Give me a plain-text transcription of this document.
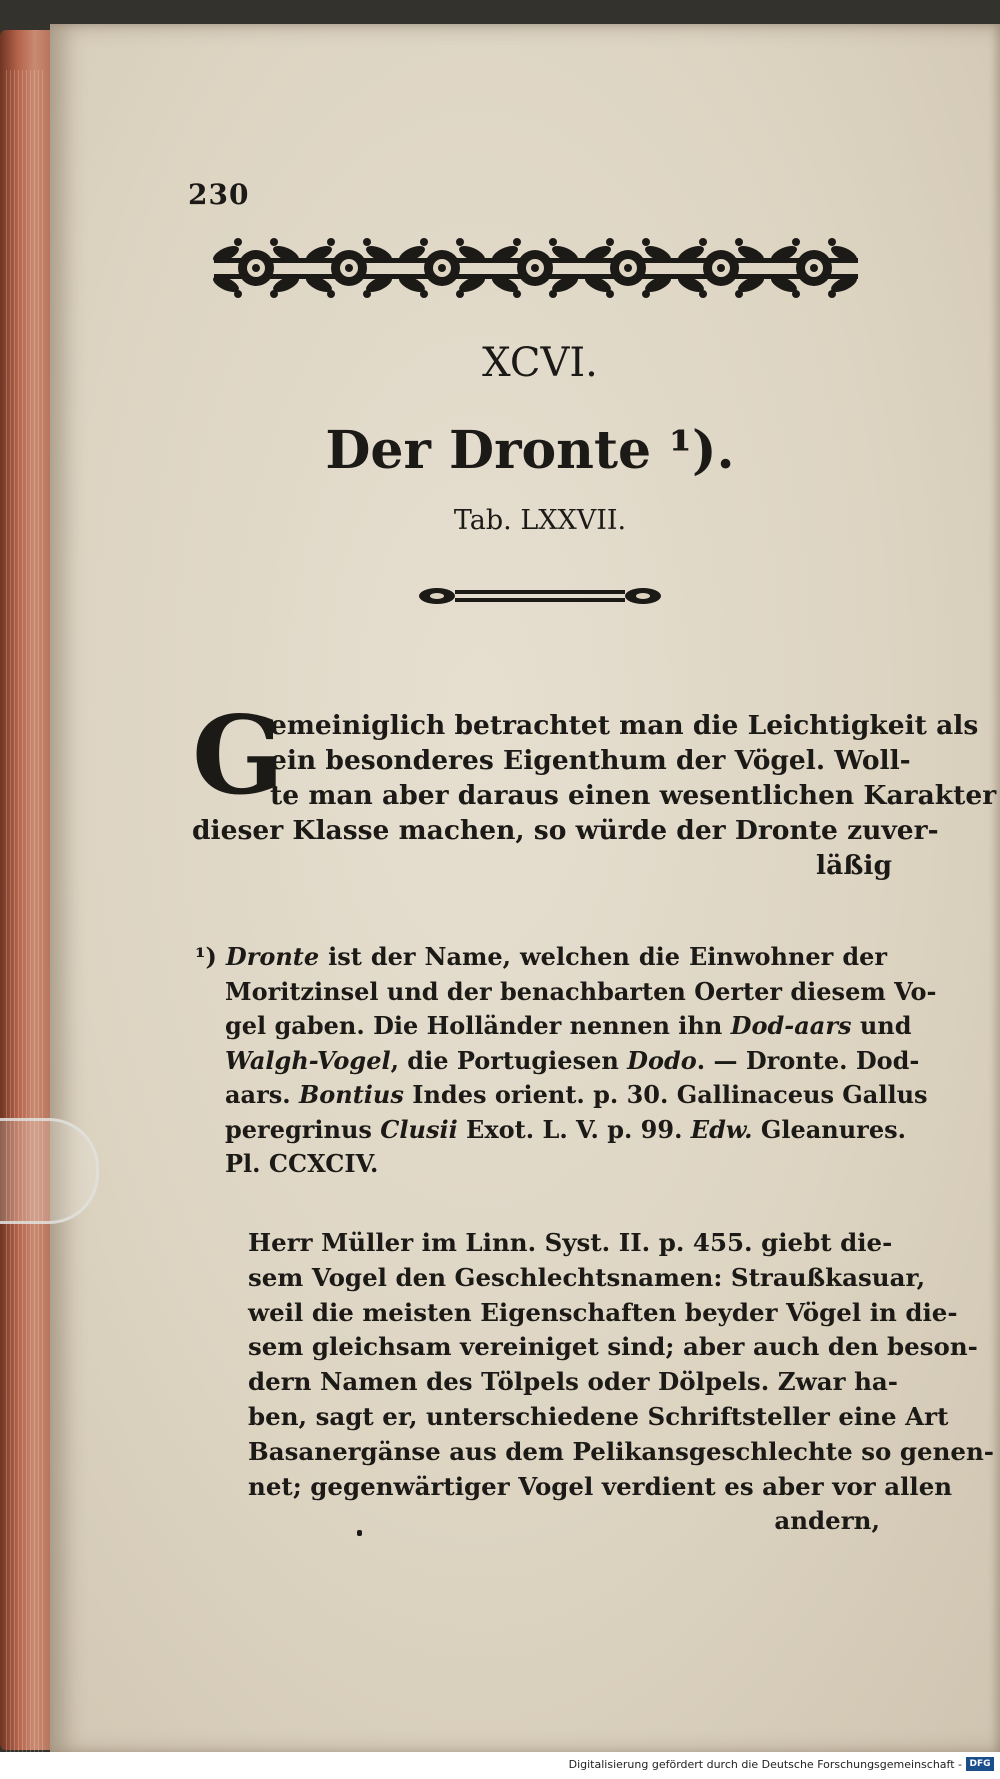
230
XCVI.
Der Dronte ¹).
Tab. LXXVII.
G
emeiniglich betrachtet man die Leichtigkeit als
ein besonderes Eigenthum der Vögel. Woll-
te man aber daraus einen wesentlichen Karakter
dieser Klasse machen, so würde der Dronte zuver-
läßig
¹) Dronte ist der Name, welchen die Einwohner der
Moritzinsel und der benachbarten Oerter diesem Vo-
gel gaben. Die Holländer nennen ihn Dod-aars und
Walgh-Vogel, die Portugiesen Dodo. — Dronte. Dod-
aars. Bontius Indes orient. p. 30. Gallinaceus Gallus
peregrinus Clusii Exot. L. V. p. 99. Edw. Gleanures.
Pl. CCXCIV.
Herr Müller im Linn. Syst. II. p. 455. giebt die-
sem Vogel den Geschlechtsnamen: Straußkasuar,
weil die meisten Eigenschaften beyder Vögel in die-
sem gleichsam vereiniget sind; aber auch den beson-
dern Namen des Tölpels oder Dölpels. Zwar ha-
ben, sagt er, unterschiedene Schriftsteller eine Art
Basanergänse aus dem Pelikansgeschlechte so genen-
net; gegenwärtiger Vogel verdient es aber vor allen
andern,
Digitalisierung gefördert durch die Deutsche Forschungsgemeinschaft - DFG
